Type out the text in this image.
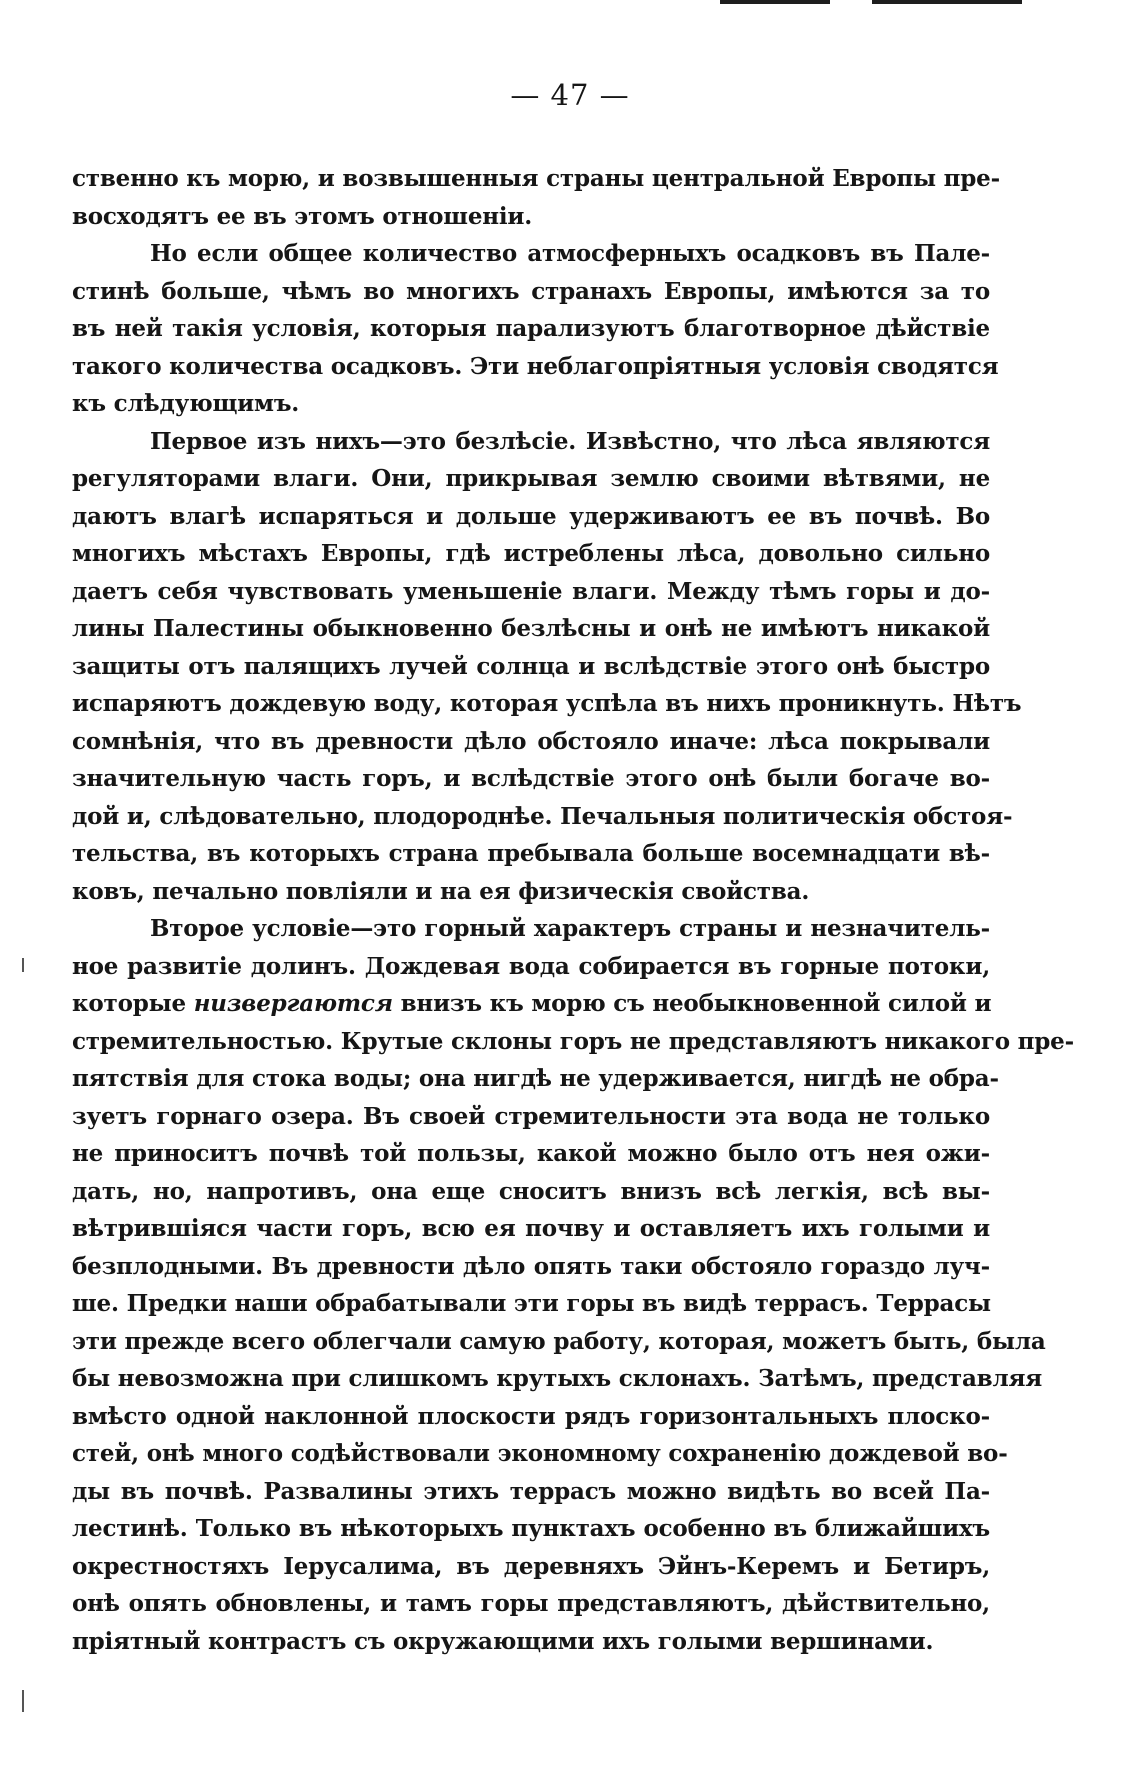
— 47 —
ственно къ морю, и возвышенныя страны центральной Европы пре-
восходятъ ее въ этомъ отношеніи.
Но если общее количество атмосферныхъ осадковъ въ Пале-
стинѣ больше, чѣмъ во многихъ странахъ Европы, имѣются за то
въ ней такія условія, которыя парализуютъ благотворное дѣйствіе
такого количества осадковъ. Эти неблагопріятныя условія сводятся
къ слѣдующимъ.
Первое изъ нихъ—это безлѣсіе. Извѣстно, что лѣса являются
регуляторами влаги. Они, прикрывая землю своими вѣтвями, не
даютъ влагѣ испаряться и дольше удерживаютъ ее въ почвѣ. Во
многихъ мѣстахъ Европы, гдѣ истреблены лѣса, довольно сильно
даетъ себя чувствовать уменьшеніе влаги. Между тѣмъ горы и до-
лины Палестины обыкновенно безлѣсны и онѣ не имѣютъ никакой
защиты отъ палящихъ лучей солнца и вслѣдствіе этого онѣ быстро
испаряютъ дождевую воду, которая успѣла въ нихъ проникнуть. Нѣтъ
сомнѣнія, что въ древности дѣло обстояло иначе: лѣса покрывали
значительную часть горъ, и вслѣдствіе этого онѣ были богаче во-
дой и, слѣдовательно, плодороднѣе. Печальныя политическія обстоя-
тельства, въ которыхъ страна пребывала больше восемнадцати вѣ-
ковъ, печально повліяли и на ея физическія свойства.
Второе условіе—это горный характеръ страны и незначитель-
ное развитіе долинъ. Дождевая вода собирается въ горные потоки,
которые низвергаются внизъ къ морю съ необыкновенной силой и
стремительностью. Крутые склоны горъ не представляютъ никакого пре-
пятствія для стока воды; она нигдѣ не удерживается, нигдѣ не обра-
зуетъ горнаго озера. Въ своей стремительности эта вода не только
не приноситъ почвѣ той пользы, какой можно было отъ нея ожи-
дать, но, напротивъ, она еще сноситъ внизъ всѣ легкія, всѣ вы-
вѣтрившіяся части горъ, всю ея почву и оставляетъ ихъ голыми и
безплодными. Въ древности дѣло опять таки обстояло гораздо луч-
ше. Предки наши обрабатывали эти горы въ видѣ террасъ. Террасы
эти прежде всего облегчали самую работу, которая, можетъ быть, была
бы невозможна при слишкомъ крутыхъ склонахъ. Затѣмъ, представляя
вмѣсто одной наклонной плоскости рядъ горизонтальныхъ плоско-
стей, онѣ много содѣйствовали экономному сохраненію дождевой во-
ды въ почвѣ. Развалины этихъ террасъ можно видѣть во всей Па-
лестинѣ. Только въ нѣкоторыхъ пунктахъ особенно въ ближайшихъ
окрестностяхъ Іерусалима, въ деревняхъ Эйнъ-Керемъ и Бетиръ,
онѣ опять обновлены, и тамъ горы представляютъ, дѣйствительно,
пріятный контрастъ съ окружающими ихъ голыми вершинами.
